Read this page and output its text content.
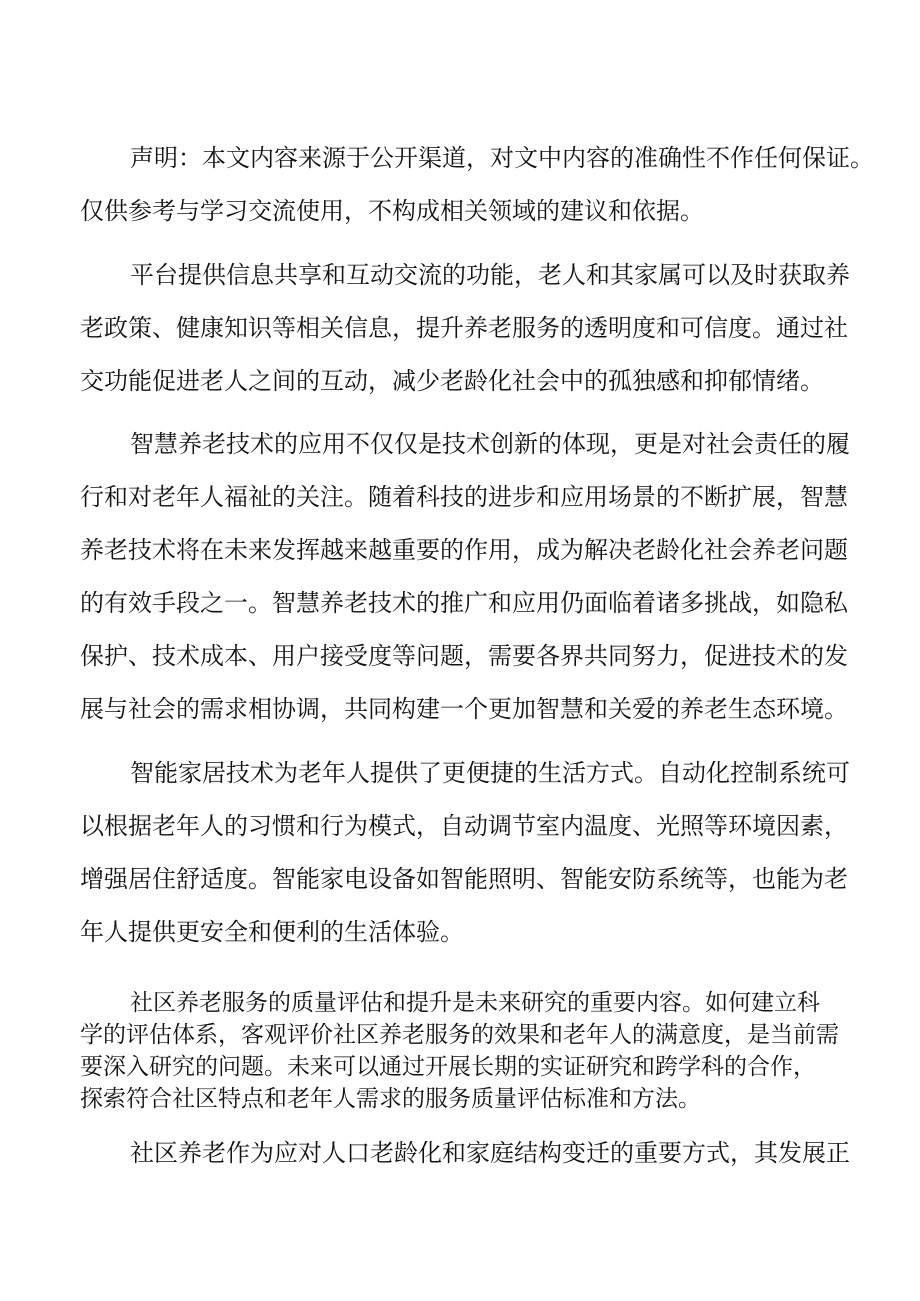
声明：本文内容来源于公开渠道，对文中内容的准确性不作任何保证。

仅供参考与学习交流使用，不构成相关领域的建议和依据。

平台提供信息共享和互动交流的功能，老人和其家属可以及时获取养

老政策、健康知识等相关信息，提升养老服务的透明度和可信度。通过社

交功能促进老人之间的互动，减少老龄化社会中的孤独感和抑郁情绪。

智慧养老技术的应用不仅仅是技术创新的体现，更是对社会责任的履

行和对老年人福祉的关注。随着科技的进步和应用场景的不断扩展，智慧

养老技术将在未来发挥越来越重要的作用，成为解决老龄化社会养老问题

的有效手段之一。智慧养老技术的推广和应用仍面临着诸多挑战，如隐私

保护、技术成本、用户接受度等问题，需要各界共同努力，促进技术的发

展与社会的需求相协调，共同构建一个更加智慧和关爱的养老生态环境。

智能家居技术为老年人提供了更便捷的生活方式。自动化控制系统可

以根据老年人的习惯和行为模式，自动调节室内温度、光照等环境因素，

增强居住舒适度。智能家电设备如智能照明、智能安防系统等，也能为老

年人提供更安全和便利的生活体验。

社区养老服务的质量评估和提升是未来研究的重要内容。如何建立科

学的评估体系，客观评价社区养老服务的效果和老年人的满意度，是当前需

要深入研究的问题。未来可以通过开展长期的实证研究和跨学科的合作，

探索符合社区特点和老年人需求的服务质量评估标准和方法。

社区养老作为应对人口老龄化和家庭结构变迁的重要方式，其发展正
